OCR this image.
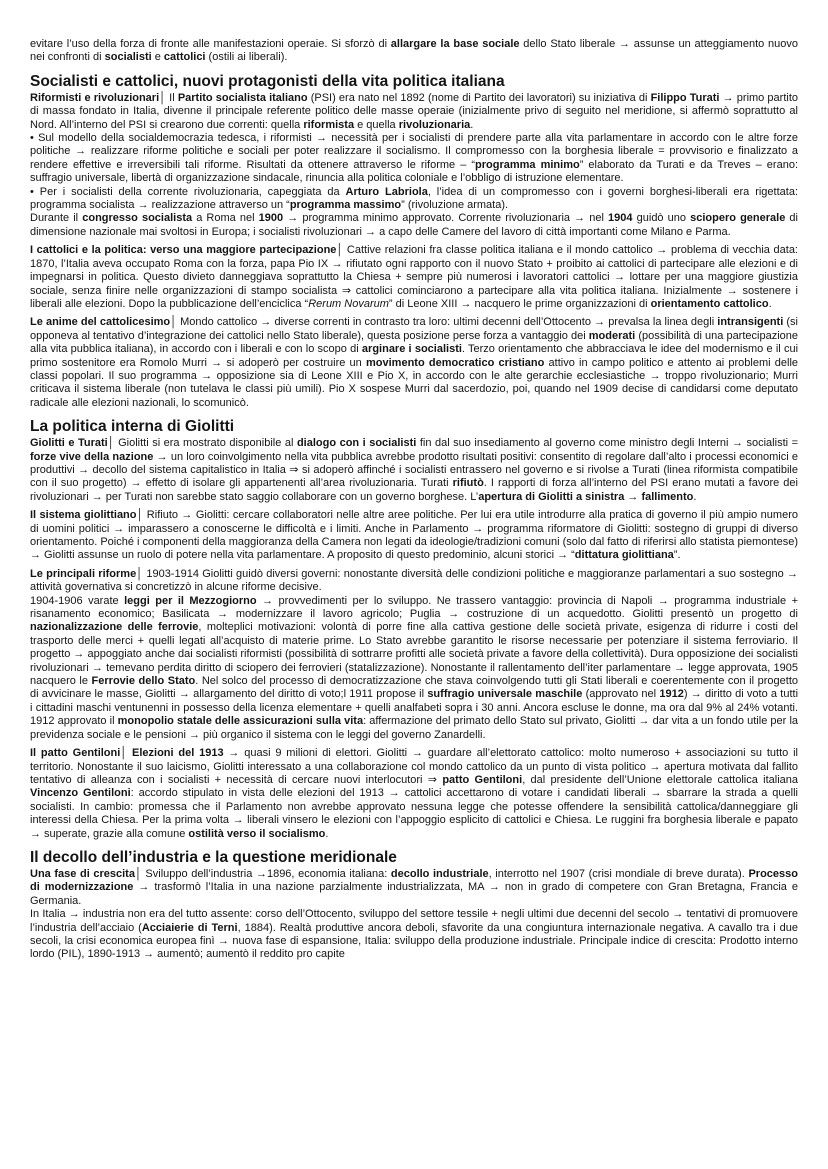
evitare l’uso della forza di fronte alle manifestazioni operaie. Si sforzò di allargare la base sociale dello Stato liberale → assunse un atteggiamento nuovo nei confronti di socialisti e cattolici (ostili ai liberali).

Socialisti e cattolici, nuovi protagonisti della vita politica italiana

Riformisti e rivoluzionari│ Il Partito socialista italiano (PSI) era nato nel 1892 (nome di Partito dei lavoratori) su iniziativa di Filippo Turati → primo partito di massa fondato in Italia, divenne il principale referente politico delle masse operaie (inizialmente privo di seguito nel meridione, si affermò soprattutto al Nord. All’interno del PSI si crearono due correnti: quella riformista e quella rivoluzionaria.

• Sul modello della socialdemocrazia tedesca, i riformisti → necessità per i socialisti di prendere parte alla vita parlamentare in accordo con le altre forze politiche → realizzare riforme politiche e sociali per poter realizzare il socialismo. Il compromesso con la borghesia liberale = provvisorio e finalizzato a rendere effettive e irreversibili tali riforme. Risultati da ottenere attraverso le riforme – “programma minimo” elaborato da Turati e da Treves – erano: suffragio universale, libertà di organizzazione sindacale, rinuncia alla politica coloniale e l’obbligo di istruzione elementare.

• Per i socialisti della corrente rivoluzionaria, capeggiata da Arturo Labriola, l’idea di un compromesso con i governi borghesi-liberali era rigettata: programma socialista → realizzazione attraverso un “programma massimo” (rivoluzione armata).

Durante il congresso socialista a Roma nel 1900 → programma minimo approvato. Corrente rivoluzionaria → nel 1904 guidò uno sciopero generale di dimensione nazionale mai svoltosi in Europa; i socialisti rivoluzionari → a capo delle Camere del lavoro di città importanti come Milano e Parma.

I cattolici e la politica: verso una maggiore partecipazione│ Cattive relazioni fra classe politica italiana e il mondo cattolico → problema di vecchia data: 1870, l’Italia aveva occupato Roma con la forza, papa Pio IX → rifiutato ogni rapporto con il nuovo Stato + proibito ai cattolici di partecipare alle elezioni e di impegnarsi in politica. Questo divieto danneggiava soprattutto la Chiesa + sempre più numerosi i lavoratori cattolici → lottare per una maggiore giustizia sociale, senza finire nelle organizzazioni di stampo socialista ⇒ cattolici cominciarono a partecipare alla vita politica italiana. Inizialmente → sostenere i liberali alle elezioni. Dopo la pubblicazione dell’enciclica “Rerum Novarum” di Leone XIII → nacquero le prime organizzazioni di orientamento cattolico.

Le anime del cattolicesimo│ Mondo cattolico → diverse correnti in contrasto tra loro: ultimi decenni dell’Ottocento → prevalsa la linea degli intransigenti (si opponeva al tentativo d’integrazione dei cattolici nello Stato liberale), questa posizione perse forza a vantaggio dei moderati (possibilità di una partecipazione alla vita pubblica italiana), in accordo con i liberali e con lo scopo di arginare i socialisti. Terzo orientamento che abbracciava le idee del modernismo e il cui primo sostenitore era Romolo Murri → si adoperò per costruire un movimento democratico cristiano attivo in campo politico e attento ai problemi delle classi popolari. Il suo programma → opposizione sia di Leone XIII e Pio X, in accordo con le alte gerarchie ecclesiastiche → troppo rivoluzionario; Murri criticava il sistema liberale (non tutelava le classi più umili). Pio X sospese Murri dal sacerdozio, poi, quando nel 1909 decise di candidarsi come deputato radicale alle elezioni nazionali, lo scomunicò.

La politica interna di Giolitti

Giolitti e Turati│ Giolitti si era mostrato disponibile al dialogo con i socialisti fin dal suo insediamento al governo come ministro degli Interni → socialisti = forze vive della nazione → un loro coinvolgimento nella vita pubblica avrebbe prodotto risultati positivi: consentito di regolare dall’alto i processi economici e produttivi → decollo del sistema capitalistico in Italia ⇒ si adoperò affinché i socialisti entrassero nel governo e si rivolse a Turati (linea riformista compatibile con il suo progetto) → effetto di isolare gli appartenenti all’area rivoluzionaria. Turati rifiutò. I rapporti di forza all’interno del PSI erano mutati a favore dei rivoluzionari → per Turati non sarebbe stato saggio collaborare con un governo borghese. L’apertura di Giolitti a sinistra → fallimento.

Il sistema giolittiano│ Rifiuto → Giolitti: cercare collaboratori nelle altre aree politiche. Per lui era utile introdurre alla pratica di governo il più ampio numero di uomini politici → imparassero a conoscerne le difficoltà e i limiti. Anche in Parlamento → programma riformatore di Giolitti: sostegno di gruppi di diverso orientamento. Poiché i componenti della maggioranza della Camera non legati da ideologie/tradizioni comuni (solo dal fatto di riferirsi allo statista piemontese) → Giolitti assunse un ruolo di potere nella vita parlamentare. A proposito di questo predominio, alcuni storici → “dittatura giolittiana”.

Le principali riforme│ 1903-1914 Giolitti guidò diversi governi: nonostante diversità delle condizioni politiche e maggioranze parlamentari a suo sostegno → attività governativa si concretizzò in alcune riforme decisive.
1904-1906 varate leggi per il Mezzogiorno → provvedimenti per lo sviluppo. Ne trassero vantaggio: provincia di Napoli → programma industriale + risanamento economico; Basilicata → modernizzare il lavoro agricolo; Puglia → costruzione di un acquedotto. Giolitti presentò un progetto di nazionalizzazione delle ferrovie, molteplici motivazioni: volontà di porre fine alla cattiva gestione delle società private, esigenza di ridurre i costi del trasporto delle merci + quelli legati all’acquisto di materie prime. Lo Stato avrebbe garantito le risorse necessarie per potenziare il sistema ferroviario. Il progetto → appoggiato anche dai socialisti riformisti (possibilità di sottrarre profitti alle società private a favore della collettività). Dura opposizione dei socialisti rivoluzionari → temevano perdita diritto di sciopero dei ferrovieri (statalizzazione). Nonostante il rallentamento dell’iter parlamentare → legge approvata, 1905 nacquero le Ferrovie dello Stato. Nel solco del processo di democratizzazione che stava coinvolgendo tutti gli Stati liberali e coerentemente con il progetto di avvicinare le masse, Giolitti → allargamento del diritto di voto;l 1911 propose il suffragio universale maschile (approvato nel 1912) → diritto di voto a tutti i cittadini maschi ventunenni in possesso della licenza elementare + quelli analfabeti sopra i 30 anni. Ancora escluse le donne, ma ora dal 9% al 24% votanti. 1912 approvato il monopolio statale delle assicurazioni sulla vita: affermazione del primato dello Stato sul privato, Giolitti → dar vita a un fondo utile per la previdenza sociale e le pensioni → più organico il sistema con le leggi del governo Zanardelli.

Il patto Gentiloni│ Elezioni del 1913 → quasi 9 milioni di elettori. Giolitti → guardare all’elettorato cattolico: molto numeroso + associazioni su tutto il territorio. Nonostante il suo laicismo, Giolitti interessato a una collaborazione col mondo cattolico da un punto di vista politico → apertura motivata dal fallito tentativo di alleanza con i socialisti + necessità di cercare nuovi interlocutori ⇒ patto Gentiloni, dal presidente dell’Unione elettorale cattolica italiana Vincenzo Gentiloni: accordo stipulato in vista delle elezioni del 1913 → cattolici accettarono di votare i candidati liberali → sbarrare la strada a quelli socialisti. In cambio: promessa che il Parlamento non avrebbe approvato nessuna legge che potesse offendere la sensibilità cattolica/danneggiare gli interessi della Chiesa. Per la prima volta → liberali vinsero le elezioni con l’appoggio esplicito di cattolici e Chiesa. Le ruggini fra borghesia liberale e papato → superate, grazie alla comune ostilità verso il socialismo.

Il decollo dell’industria e la questione meridionale

Una fase di crescita│ Sviluppo dell’industria →1896, economia italiana: decollo industriale, interrotto nel 1907 (crisi mondiale di breve durata). Processo di modernizzazione → trasformò l’Italia in una nazione parzialmente industrializzata, MA → non in grado di competere con Gran Bretagna, Francia e Germania.
In Italia → industria non era del tutto assente: corso dell’Ottocento, sviluppo del settore tessile + negli ultimi due decenni del secolo → tentativi di promuovere l’industria dell’acciaio (Acciaierie di Terni, 1884). Realtà produttive ancora deboli, sfavorite da una congiuntura internazionale negativa. A cavallo tra i due secoli, la crisi economica europea finì → nuova fase di espansione, Italia: sviluppo della produzione industriale. Principale indice di crescita: Prodotto interno lordo (PIL), 1890-1913 → aumentò; aumentò il reddito pro capite
